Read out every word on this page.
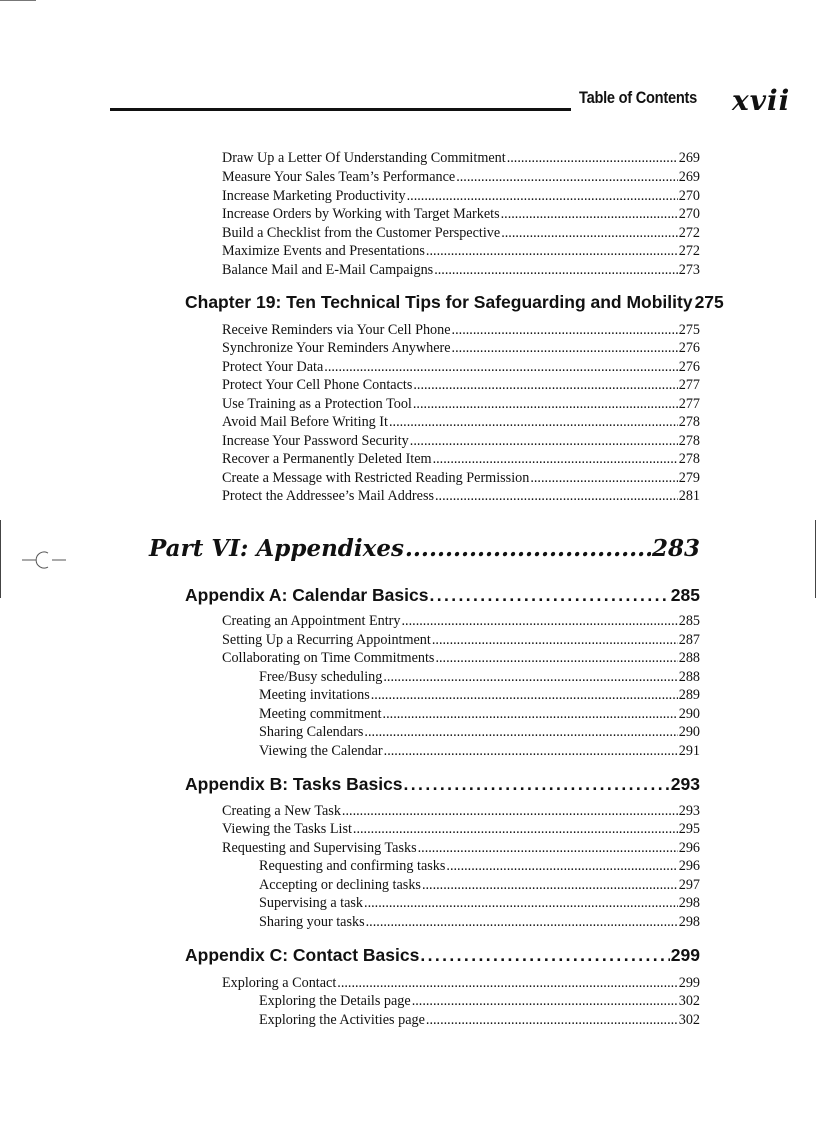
Table of Contents xvii
Draw Up a Letter Of Understanding Commitment .....	269
Measure Your Sales Team’s Performance .....	269
Increase Marketing Productivity .....	270
Increase Orders by Working with Target Markets .....	270
Build a Checklist from the Customer Perspective .....	272
Maximize Events and Presentations .....	272
Balance Mail and E-Mail Campaigns .....	273
Chapter 19: Ten Technical Tips for Safeguarding and Mobility 275
Receive Reminders via Your Cell Phone .....	275
Synchronize Your Reminders Anywhere .....	276
Protect Your Data .....	276
Protect Your Cell Phone Contacts .....	277
Use Training as a Protection Tool .....	277
Avoid Mail Before Writing It .....	278
Increase Your Password Security .....	278
Recover a Permanently Deleted Item .....	278
Create a Message with Restricted Reading Permission .....	279
Protect the Addressee’s Mail Address .....	281
Part VI: Appendixes .....	283
Appendix A: Calendar Basics .....	285
Creating an Appointment Entry .....	285
Setting Up a Recurring Appointment .....	287
Collaborating on Time Commitments .....	288
Free/Busy scheduling .....	288
Meeting invitations .....	289
Meeting commitment .....	290
Sharing Calendars .....	290
Viewing the Calendar .....	291
Appendix B: Tasks Basics .....	293
Creating a New Task .....	293
Viewing the Tasks List .....	295
Requesting and Supervising Tasks .....	296
Requesting and confirming tasks .....	296
Accepting or declining tasks .....	297
Supervising a task .....	298
Sharing your tasks .....	298
Appendix C: Contact Basics .....	299
Exploring a Contact .....	299
Exploring the Details page .....	302
Exploring the Activities page .....	302
